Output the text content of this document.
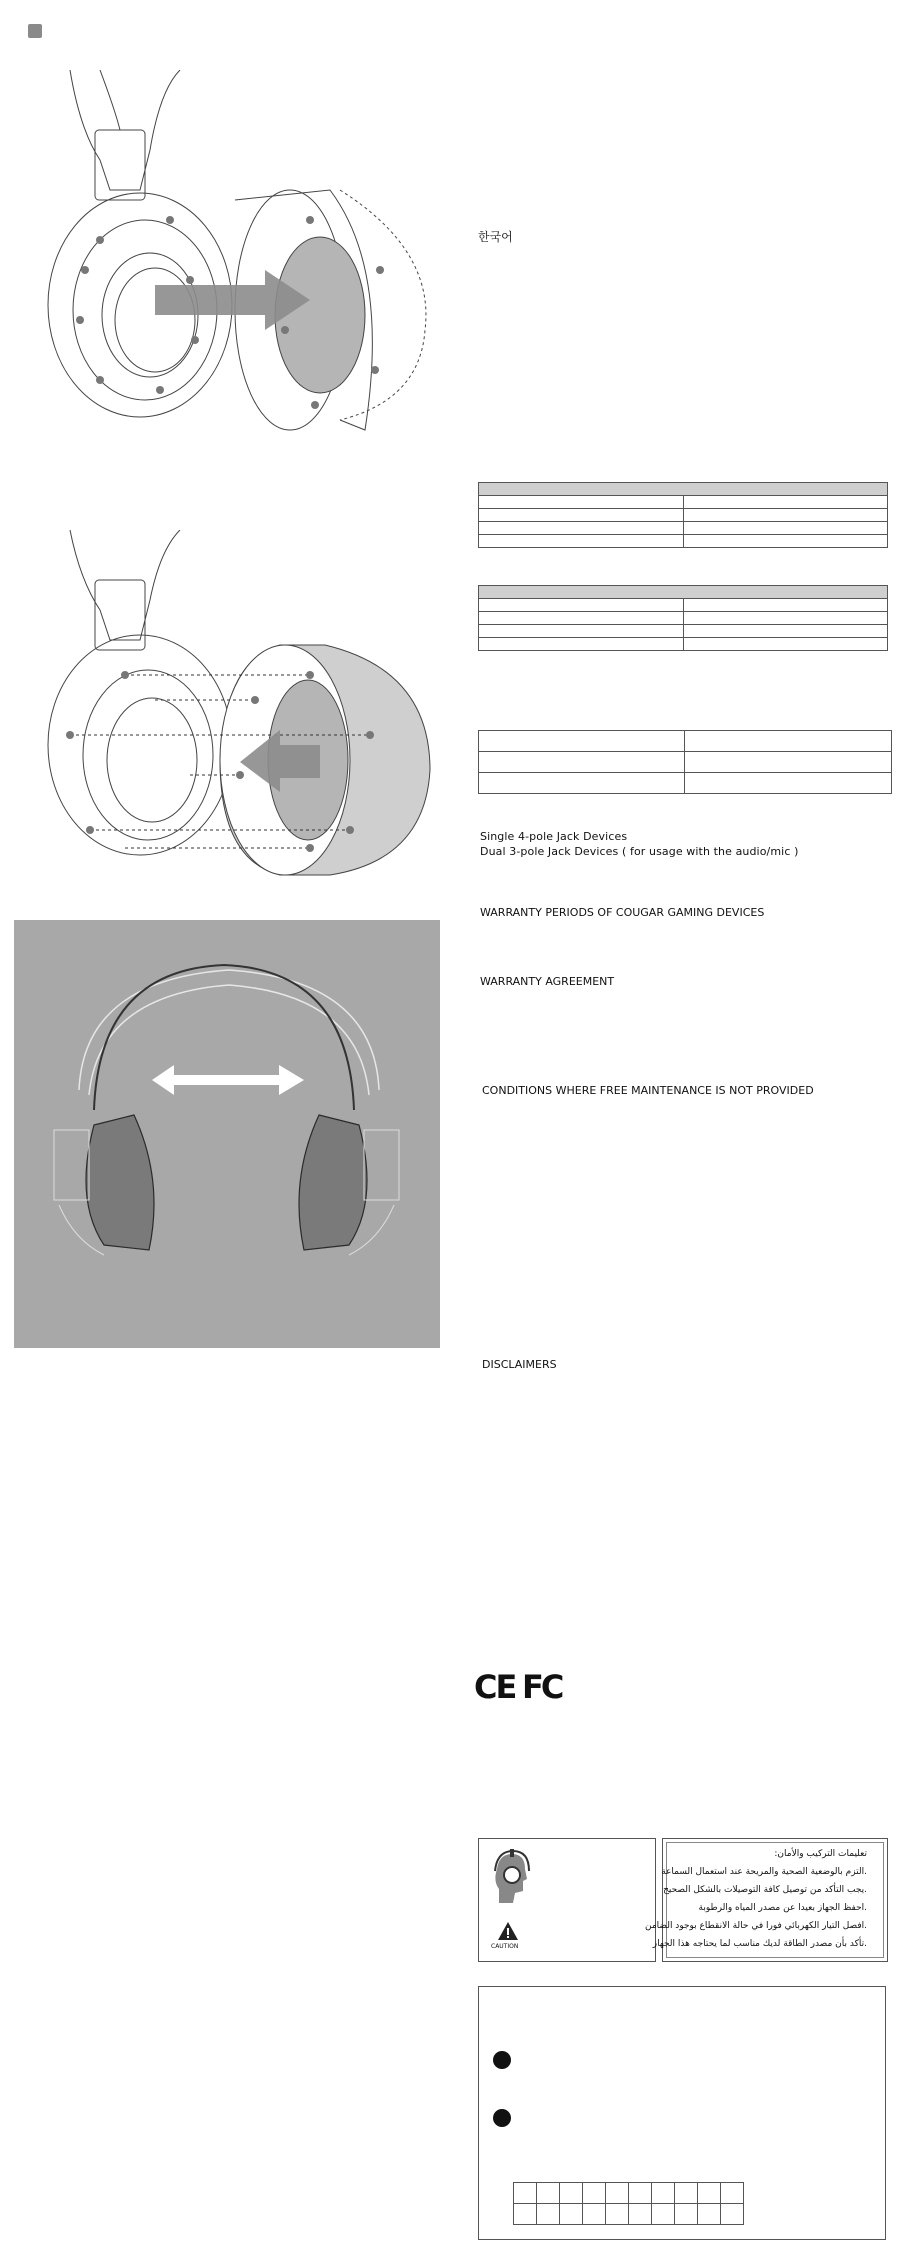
한국어

Single 4-pole Jack Devices
Dual 3-pole Jack Devices ( for usage with the audio/mic )
WARRANTY PERIODS OF COUGAR GAMING DEVICES
WARRANTY AGREEMENT
CONDITIONS WHERE FREE MAINTENANCE IS NOT PROVIDED
DISCLAIMERS
CE FC
CAUTION
تعليمات التركيب والأمان:
.التزم بالوضعية الصحية والمريحة عند استعمال السماعة
.يجب التأكد من توصيل كافة التوصيلات بالشكل الصحيح
.احفظ الجهاز بعيدا عن مصدر المياه والرطوبة
.افصل التيار الكهربائي فورا في حالة الانقطاع بوجود الضامن
.تأكد بأن مصدر الطاقة لديك مناسب لما يحتاجه هذا الجهاز
